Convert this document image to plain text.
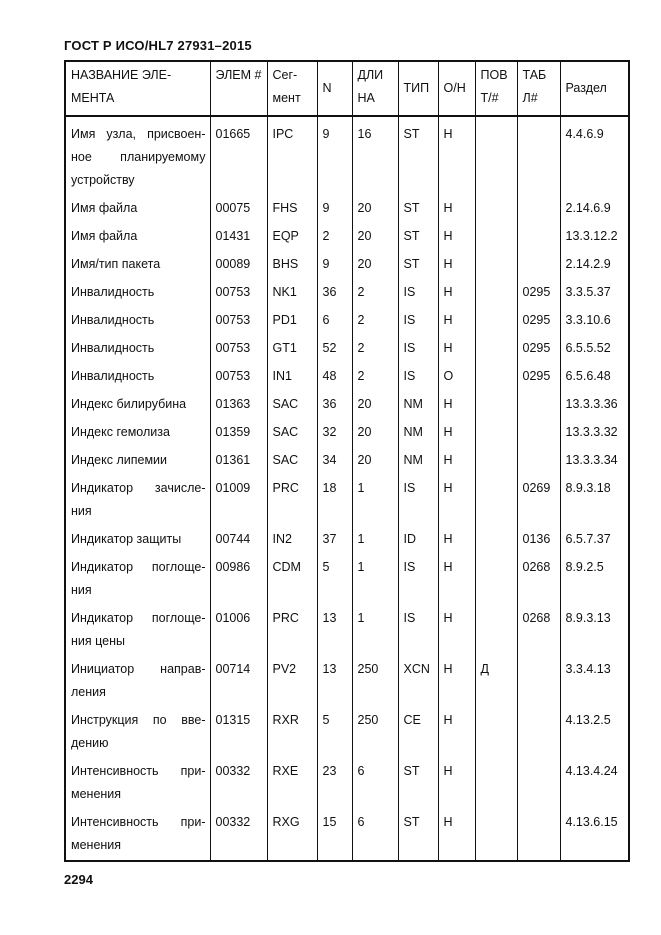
ГОСТ Р ИСО/HL7 27931–2015
НАЗВАНИЕ ЭЛЕ-МЕНТА	ЭЛЕМ #	Сег-мент	N	ДЛИ НА	ТИП	О/Н	ПОВ Т/#	ТАБ Л#	Раздел
Имя узла, присвоен-ное планируемому устройству	01665	IPC	9	16	ST	Н			4.4.6.9
Имя файла	00075	FHS	9	20	ST	Н			2.14.6.9
Имя файла	01431	EQP	2	20	ST	Н			13.3.12.2
Имя/тип пакета	00089	BHS	9	20	ST	Н			2.14.2.9
Инвалидность	00753	NK1	36	2	IS	Н		0295	3.3.5.37
Инвалидность	00753	PD1	6	2	IS	Н		0295	3.3.10.6
Инвалидность	00753	GT1	52	2	IS	Н		0295	6.5.5.52
Инвалидность	00753	IN1	48	2	IS	О		0295	6.5.6.48
Индекс билирубина	01363	SAC	36	20	NM	Н			13.3.3.36
Индекс гемолиза	01359	SAC	32	20	NM	Н			13.3.3.32
Индекс липемии	01361	SAC	34	20	NM	Н			13.3.3.34
Индикатор зачисле-ния	01009	PRC	18	1	IS	Н		0269	8.9.3.18
Индикатор защиты	00744	IN2	37	1	ID	Н		0136	6.5.7.37
Индикатор поглоще-ния	00986	CDM	5	1	IS	Н		0268	8.9.2.5
Индикатор поглоще-ния цены	01006	PRC	13	1	IS	Н		0268	8.9.3.13
Инициатор направ-ления	00714	PV2	13	250	XCN	Н	Д		3.3.4.13
Инструкция по вве-дению	01315	RXR	5	250	CE	Н			4.13.2.5
Интенсивность при-менения	00332	RXE	23	6	ST	Н			4.13.4.24
Интенсивность при-менения	00332	RXG	15	6	ST	Н			4.13.6.15
2294
